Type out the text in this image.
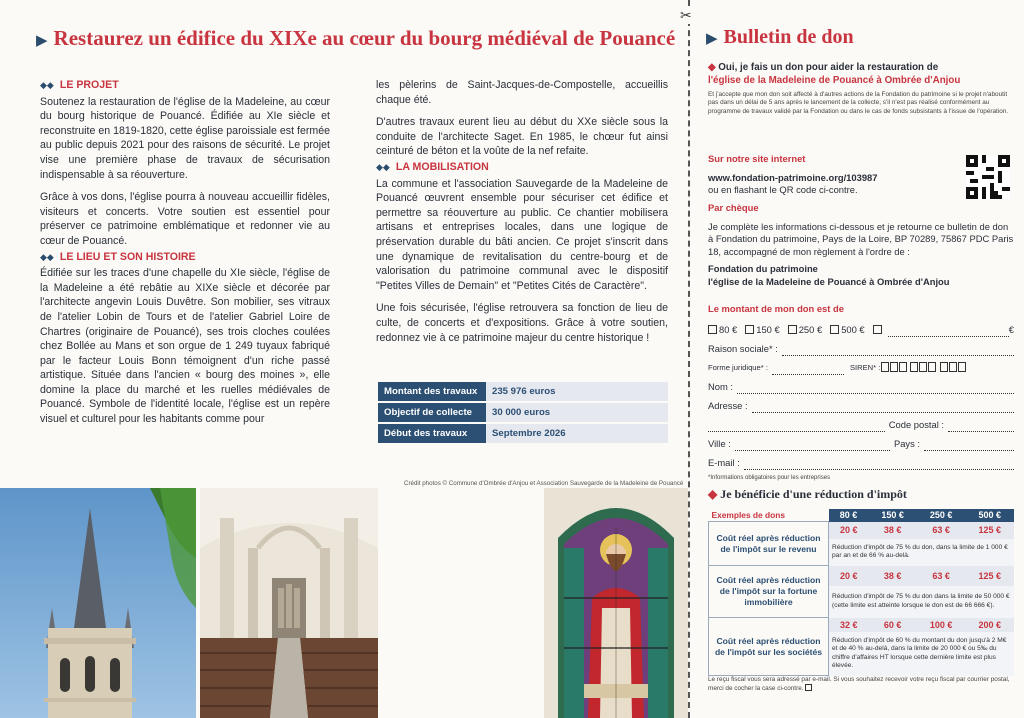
▶ Restaurez un édifice du XIXe au cœur du bourg médiéval de Pouancé
◆◆ LE PROJET

Soutenez la restauration de l'église de la Madeleine, au cœur du bourg historique de Pouancé. Édifiée au XIe siècle et reconstruite en 1819-1820, cette église paroissiale est fermée au public depuis 2021 pour des raisons de sécurité. Le projet vise une première phase de travaux de sécurisation indispensable à sa réouverture.

Grâce à vos dons, l'église pourra à nouveau accueillir fidèles, visiteurs et concerts. Votre soutien est essentiel pour préserver ce patrimoine emblématique et redonner vie au cœur de Pouancé.

◆◆ LE LIEU ET SON HISTOIRE

Édifiée sur les traces d'une chapelle du XIe siècle, l'église de la Madeleine a été rebâtie au XIXe siècle et décorée par l'architecte angevin Louis Duvêtre. Son mobilier, ses vitraux de l'atelier Lobin de Tours et de l'atelier Gabriel Loire de Chartres (originaire de Pouancé), ses trois cloches coulées chez Bollée au Mans et son orgue de 1 249 tuyaux fabriqué par le facteur Louis Bonn témoignent d'un riche passé artistique. Située dans l'ancien « bourg des moines », elle domine la place du marché et les ruelles médiévales de Pouancé. Symbole de l'identité locale, l'église est un repère visuel et culturel pour les habitants comme pour

les pèlerins de Saint-Jacques-de-Compostelle, accueillis chaque été.

D'autres travaux eurent lieu au début du XXe siècle sous la conduite de l'architecte Saget. En 1985, le chœur fut ainsi ceinturé de béton et la voûte de la nef refaite.

◆◆ LA MOBILISATION

La commune et l'association Sauvegarde de la Madeleine de Pouancé œuvrent ensemble pour sécuriser cet édifice et permettre sa réouverture au public. Ce chantier mobilisera artisans et entreprises locales, dans une logique de préservation durable du bâti ancien. Ce projet s'inscrit dans une dynamique de revitalisation du centre-bourg et de valorisation du patrimoine communal avec le dispositif "Petites Villes de Demain" et "Petites Cités de Caractère".

Une fois sécurisée, l'église retrouvera sa fonction de lieu de culte, de concerts et d'expositions. Grâce à votre soutien, redonnez vie à ce patrimoine majeur du centre historique !

Montant des travaux	235 976 euros
Objectif de collecte	30 000 euros
Début des travaux	Septembre 2026
Crédit photos © Commune d'Ombrée d'Anjou et Association Sauvegarde de la Madeleine de Pouancé
✂
▶ Bulletin de don
◆ Oui, je fais un don pour aider la restauration de
l'église de la Madeleine de Pouancé à Ombrée d'Anjou
Et j'accepte que mon don soit affecté à d'autres actions de la Fondation du patrimoine si le projet n'aboutit pas dans un délai de 5 ans après le lancement de la collecte, s'il n'est pas réalisé conformément au programme de travaux validé par la Fondation ou dans le cas de fonds subsistants à l'issue de l'opération.
Sur notre site internet
www.fondation-patrimoine.org/103987
ou en flashant le QR code ci-contre.
Par chèque
Je complète les informations ci-dessous et je retourne ce bulletin de don à Fondation du patrimoine, Pays de la Loire, BP 70289, 75867 PDC Paris 18, accompagné de mon règlement à l'ordre de :
Fondation du patrimoine
l'église de la Madeleine de Pouancé à Ombrée d'Anjou
Le montant de mon don est de
80 €	150 €	250 €	500 €	€
Raison sociale* :
Forme juridique* :	SIREN* :

Nom :
Adresse :
Code postal :
Ville :	Pays :
E-mail :
*Informations obligatoires pour les entreprises
◆ Je bénéficie d'une réduction d'impôt
Exemples de dons	80 €	150 €	250 €	500 €
Coût réel après réduction de l'impôt sur le revenu	20 €	38 €	63 €	125 €
	Réduction d'impôt de 75 % du don, dans la limite de 1 000 € par an et de 66 % au-delà.			
Coût réel après réduction de l'impôt sur la fortune immobilière	20 €	38 €	63 €	125 €
	Réduction d'impôt de 75 % du don dans la limite de 50 000 € (cette limite est atteinte lorsque le don est de 66 666 €).			
Coût réel après réduction de l'impôt sur les sociétés	32 €	60 €	100 €	200 €
	Réduction d'impôt de 60 % du montant du don jusqu'à 2 M€ et de 40 % au-delà, dans la limite de 20 000 € ou 5‰ du chiffre d'affaires HT lorsque cette dernière limite est plus élevée.			
Le reçu fiscal vous sera adressé par e-mail. Si vous souhaitez recevoir votre reçu fiscal par courrier postal, merci de cocher la case ci-contre.
